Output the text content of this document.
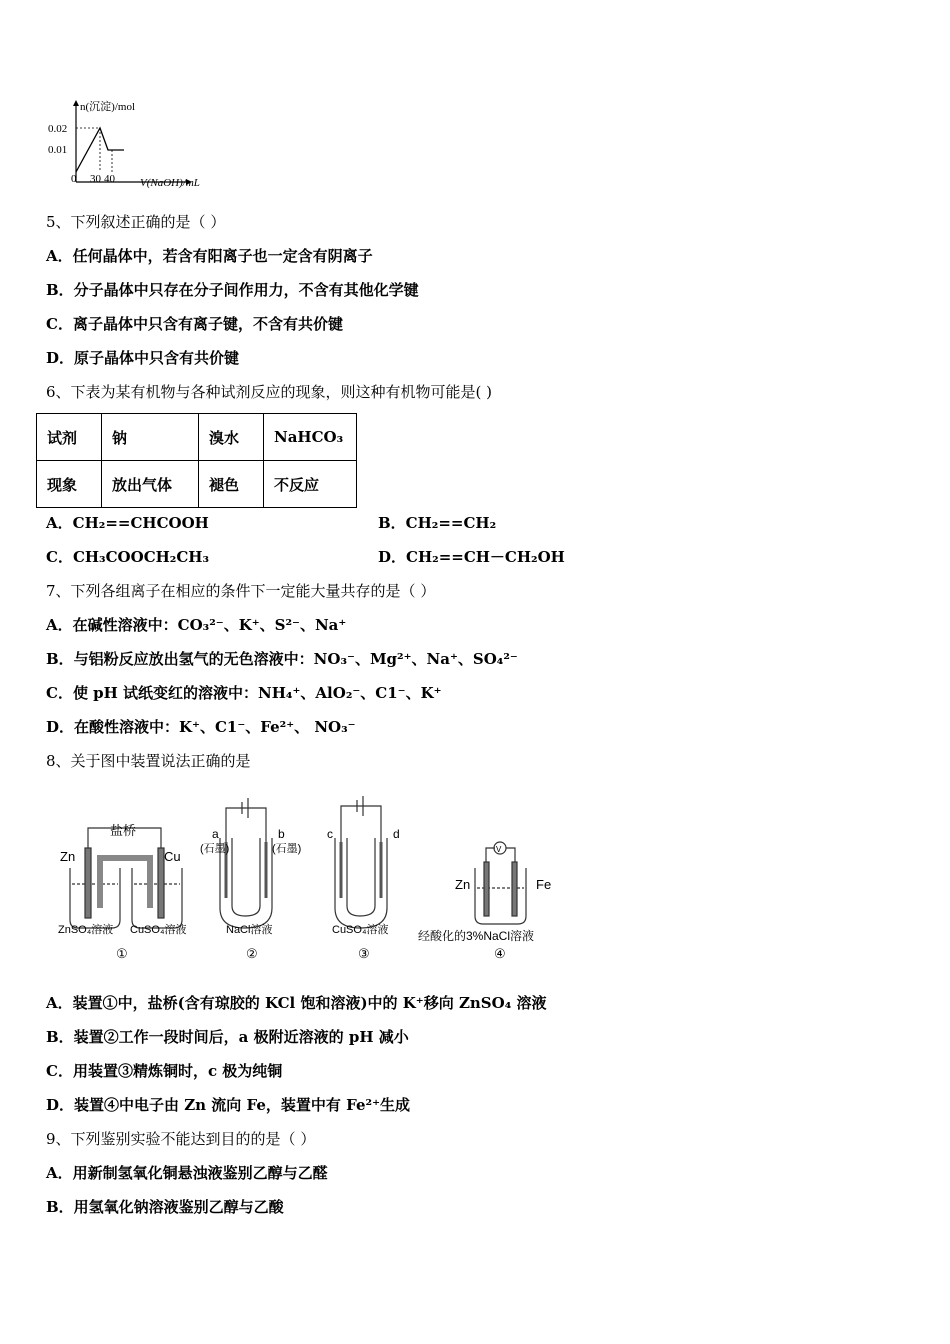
n(沉淀)/mol
V(NaOH)/mL
0.02
0.01
0 30 40
5、下列叙述正确的是（ ）
A．任何晶体中，若含有阳离子也一定含有阴离子
B．分子晶体中只存在分子间作用力，不含有其他化学键
C．离子晶体中只含有离子键，不含有共价键
D．原子晶体中只含有共价键
6、下表为某有机物与各种试剂反应的现象，则这种有机物可能是( )
试剂	钠	溴水	NaHCO₃
现象	放出气体	褪色	不反应
A．CH₂==CHCOOH	B．CH₂==CH₂
C．CH₃COOCH₂CH₃	D．CH₂==CH－CH₂OH
7、下列各组离子在相应的条件下一定能大量共存的是（ ）
A．在碱性溶液中：CO₃²⁻、K⁺、S²⁻、Na⁺
B．与铝粉反应放出氢气的无色溶液中：NO₃⁻、Mg²⁺、Na⁺、SO₄²⁻
C．使 pH 试纸变红的溶液中：NH₄⁺、AlO₂⁻、C1⁻、K⁺
D．在酸性溶液中：K⁺、C1⁻、Fe²⁺、 NO₃⁻
8、关于图中装置说法正确的是
盐桥
Zn	Cu
ZnSO₄溶液 CuSO₄溶液
①
a	b
(石墨)	(石墨)
NaCl溶液
②
c	d
CuSO₄溶液
③
V
Zn	Fe
经酸化的3%NaCl溶液
④
A．装置①中，盐桥(含有琼胶的 KCl 饱和溶液)中的 K⁺移向 ZnSO₄ 溶液
B．装置②工作一段时间后，a 极附近溶液的 pH 减小
C．用装置③精炼铜时，c 极为纯铜
D．装置④中电子由 Zn 流向 Fe，装置中有 Fe²⁺生成
9、下列鉴别实验不能达到目的的是（ ）
A．用新制氢氧化铜悬浊液鉴别乙醇与乙醛
B．用氢氧化钠溶液鉴别乙醇与乙酸
